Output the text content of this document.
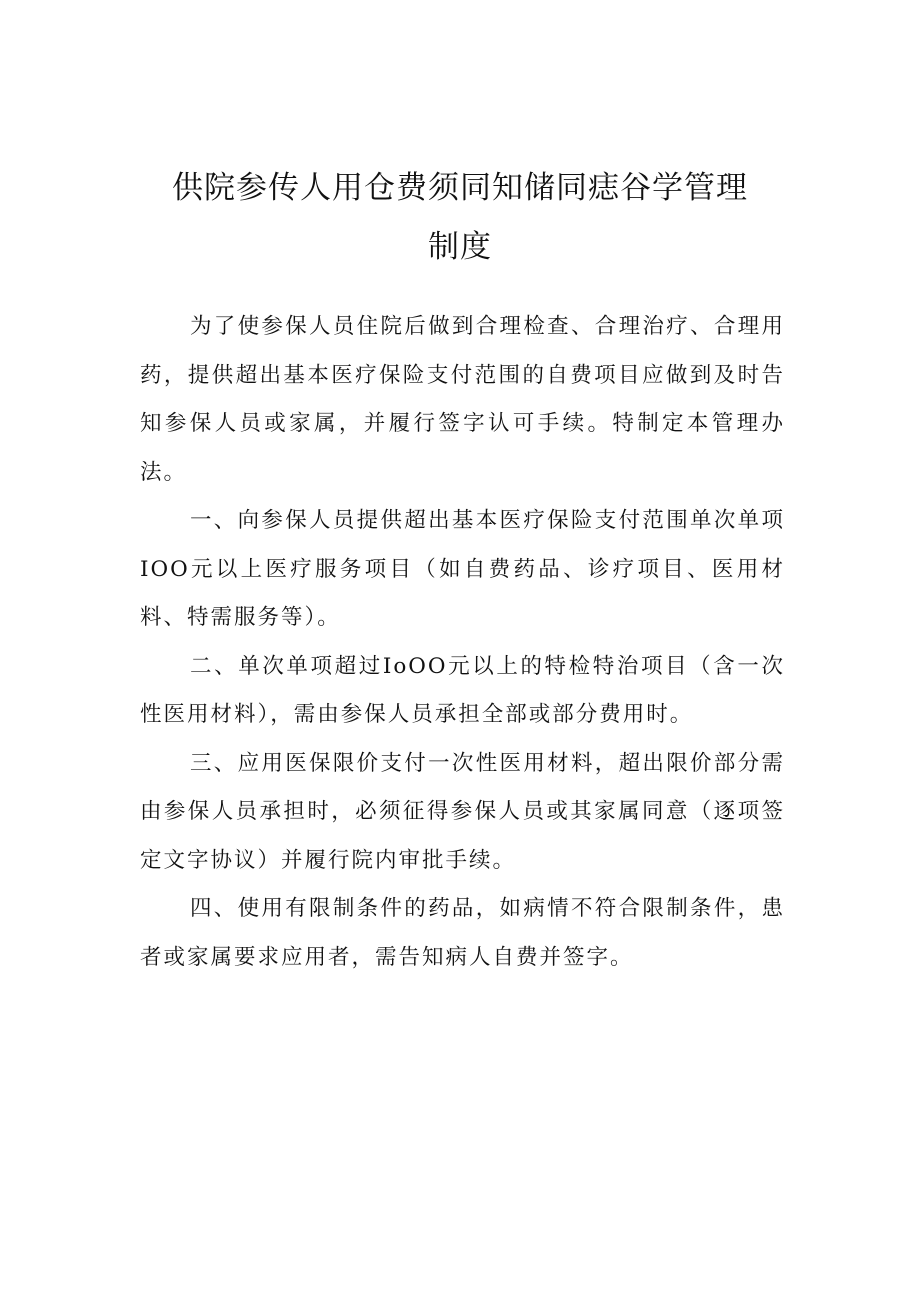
供院参传人用仓费须同知储同痣谷学管理
制度

为了使参保人员住院后做到合理检查、合理治疗、合理用药，提供超出基本医疗保险支付范围的自费项目应做到及时告知参保人员或家属，并履行签字认可手续。特制定本管理办法。

一、向参保人员提供超出基本医疗保险支付范围单次单项IOO元以上医疗服务项目（如自费药品、诊疗项目、医用材料、特需服务等）。

二、单次单项超过IoOO元以上的特检特治项目（含一次性医用材料），需由参保人员承担全部或部分费用时。

三、应用医保限价支付一次性医用材料，超出限价部分需由参保人员承担时，必须征得参保人员或其家属同意（逐项签定文字协议）并履行院内审批手续。

四、使用有限制条件的药品，如病情不符合限制条件，患者或家属要求应用者，需告知病人自费并签字。
